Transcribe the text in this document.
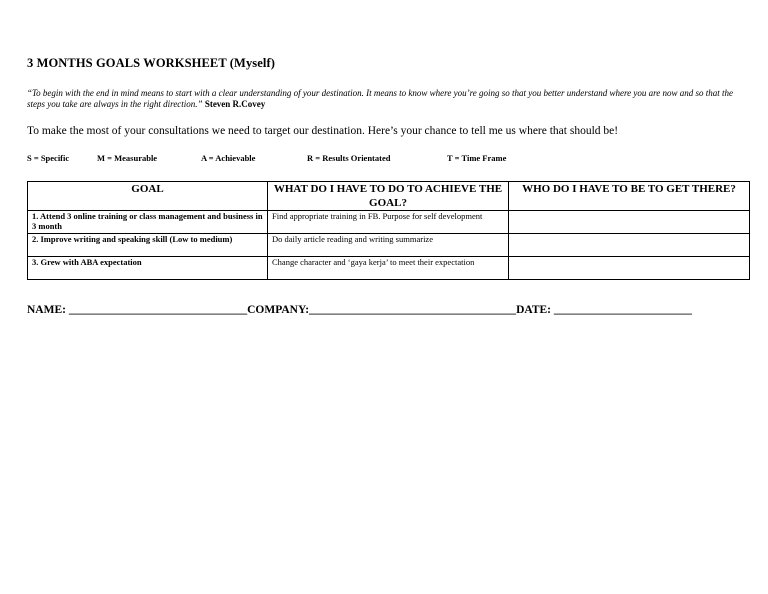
3 MONTHS GOALS WORKSHEET (Myself)
“To begin with the end in mind means to start with a clear understanding of your destination. It means to know where you’re going so that you better understand where you are now and so that the steps you take are always in the right direction.” Steven R.Covey
To make the most of your consultations we need to target our destination. Here’s your chance to tell me us where that should be!
S = Specific	M = Measurable	A = Achievable	R = Results Orientated	T = Time Frame
GOAL	WHAT DO I HAVE TO DO TO ACHIEVE THE GOAL?	WHO DO I HAVE TO BE TO GET THERE?
1. Attend 3 online training or class management and business in 3 month	Find appropriate training in FB. Purpose for self development	
2. Improve writing and speaking skill (Low to medium)	Do daily article reading and writing summarize	
3. Grew with ABA expectation	Change character and ‘gaya kerja’ to meet their expectation	
NAME: _______________________________COMPANY:____________________________________DATE: ________________________
